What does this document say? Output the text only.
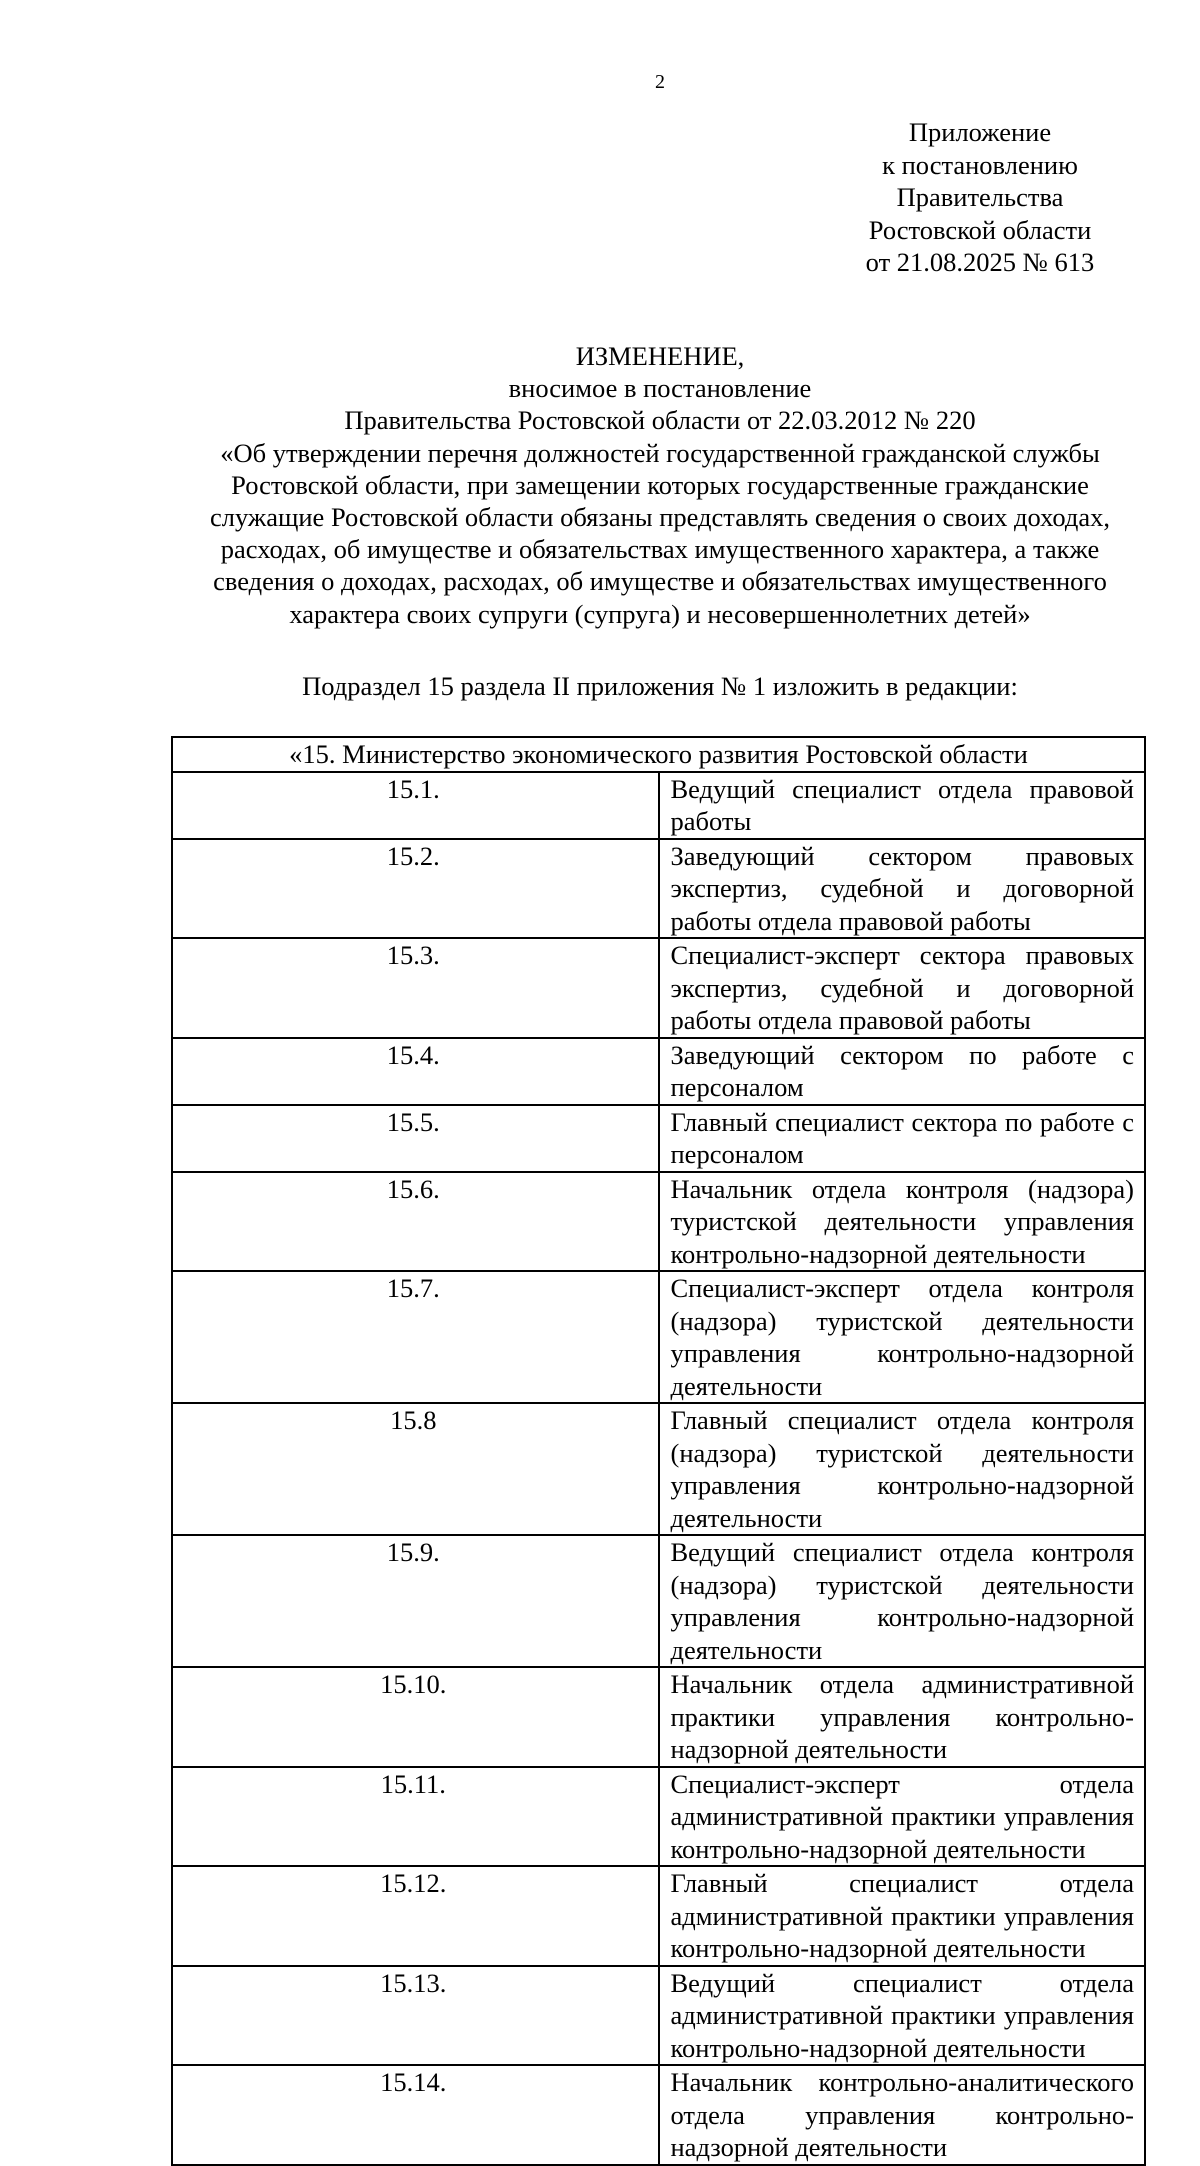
2
Приложение
к постановлению
Правительства
Ростовской области
от 21.08.2025 № 613
ИЗМЕНЕНИЕ,
вносимое в постановление
Правительства Ростовской области от 22.03.2012 № 220
«Об утверждении перечня должностей государственной гражданской службы
Ростовской области, при замещении которых государственные гражданские
служащие Ростовской области обязаны представлять сведения о своих доходах,
расходах, об имуществе и обязательствах имущественного характера, а также
сведения о доходах, расходах, об имуществе и обязательствах имущественного
характера своих супруги (супруга) и несовершеннолетних детей»
Подраздел 15 раздела II приложения № 1 изложить в редакции:
«15. Министерство экономического развития Ростовской области	
15.1.	Ведущий специалист отдела правовой работы
15.2.	Заведующий сектором правовых экспертиз, судебной и договорной работы отдела правовой работы
15.3.	Специалист-эксперт сектора правовых экспертиз, судебной и договорной работы отдела правовой работы
15.4.	Заведующий сектором по работе с персоналом
15.5.	Главный специалист сектора по работе с персоналом
15.6.	Начальник отдела контроля (надзора) туристской деятельности управления контрольно-надзорной деятельности
15.7.	Специалист-эксперт отдела контроля (надзора) туристской деятельности управления контрольно-надзорной деятельности
15.8	Главный специалист отдела контроля (надзора) туристской деятельности управления контрольно-надзорной деятельности
15.9.	Ведущий специалист отдела контроля (надзора) туристской деятельности управления контрольно-надзорной деятельности
15.10.	Начальник отдела административной практики управления контрольно-надзорной деятельности
15.11.	Специалист-эксперт отдела административной практики управления контрольно-надзорной деятельности
15.12.	Главный специалист отдела административной практики управления контрольно-надзорной деятельности
15.13.	Ведущий специалист отдела административной практики управления контрольно-надзорной деятельности
15.14.	Начальник контрольно-аналитического отдела управления контрольно-надзорной деятельности
